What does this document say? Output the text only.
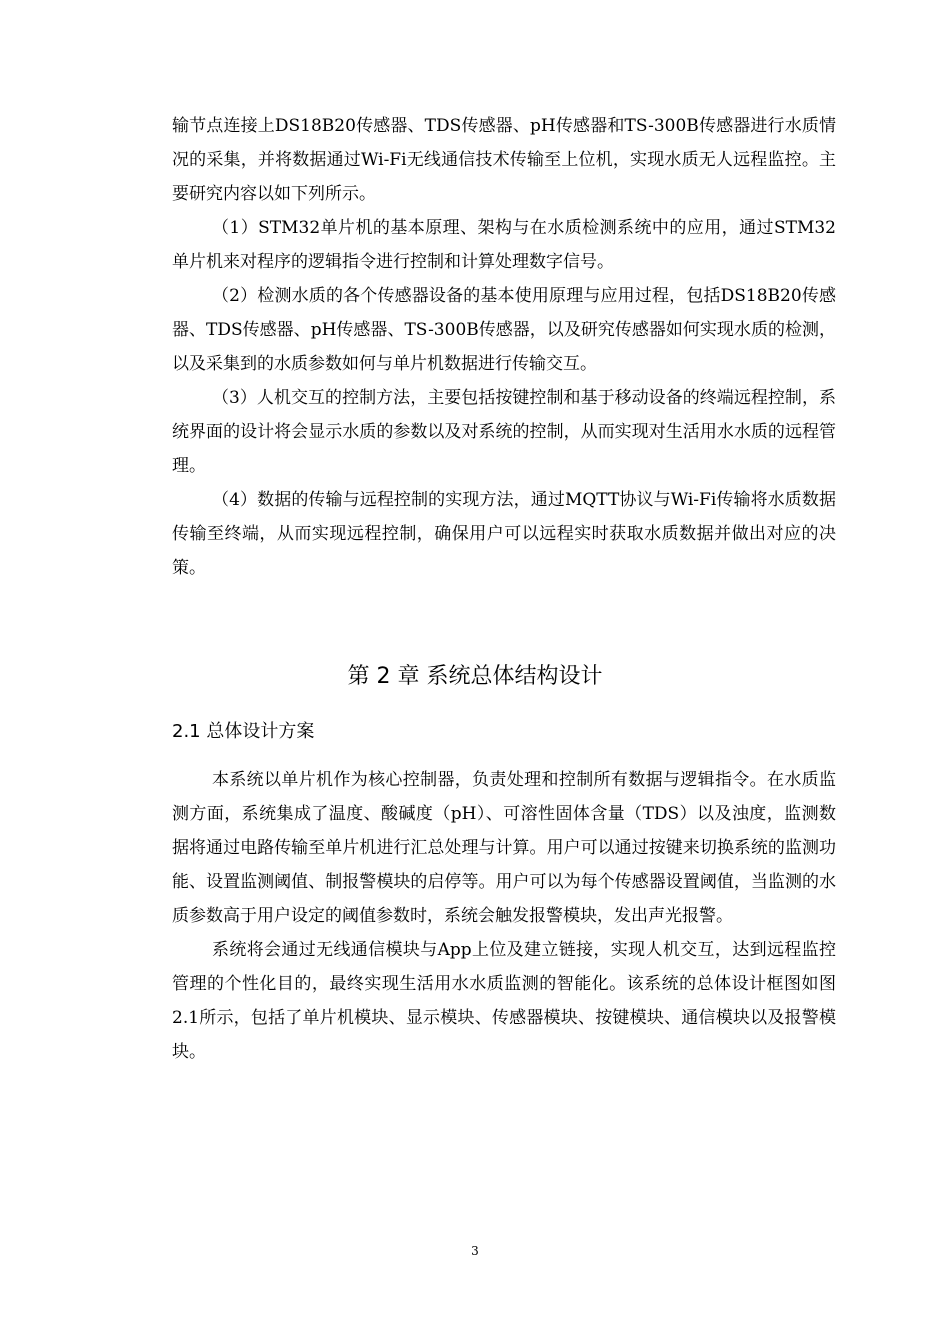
输节点连接上DS18B20传感器、TDS传感器、pH传感器和TS-300B传感器进行水质情况的采集，并将数据通过Wi-Fi无线通信技术传输至上位机，实现水质无人远程监控。主要研究内容以如下列所示。

（1）STM32单片机的基本原理、架构与在水质检测系统中的应用，通过STM32单片机来对程序的逻辑指令进行控制和计算处理数字信号。

（2）检测水质的各个传感器设备的基本使用原理与应用过程，包括DS18B20传感器、TDS传感器、pH传感器、TS-300B传感器，以及研究传感器如何实现水质的检测，以及采集到的水质参数如何与单片机数据进行传输交互。

（3）人机交互的控制方法，主要包括按键控制和基于移动设备的终端远程控制，系统界面的设计将会显示水质的参数以及对系统的控制，从而实现对生活用水水质的远程管理。

（4）数据的传输与远程控制的实现方法，通过MQTT协议与Wi-Fi传输将水质数据传输至终端，从而实现远程控制，确保用户可以远程实时获取水质数据并做出对应的决策。

第 2 章 系统总体结构设计
2.1 总体设计方案

本系统以单片机作为核心控制器，负责处理和控制所有数据与逻辑指令。在水质监测方面，系统集成了温度、酸碱度（pH）、可溶性固体含量（TDS）以及浊度，监测数据将通过电路传输至单片机进行汇总处理与计算。用户可以通过按键来切换系统的监测功能、设置监测阈值、制报警模块的启停等。用户可以为每个传感器设置阈值，当监测的水质参数高于用户设定的阈值参数时，系统会触发报警模块，发出声光报警。

系统将会通过无线通信模块与App上位及建立链接，实现人机交互，达到远程监控管理的个性化目的，最终实现生活用水水质监测的智能化。该系统的总体设计框图如图2.1所示，包括了单片机模块、显示模块、传感器模块、按键模块、通信模块以及报警模块。

3
